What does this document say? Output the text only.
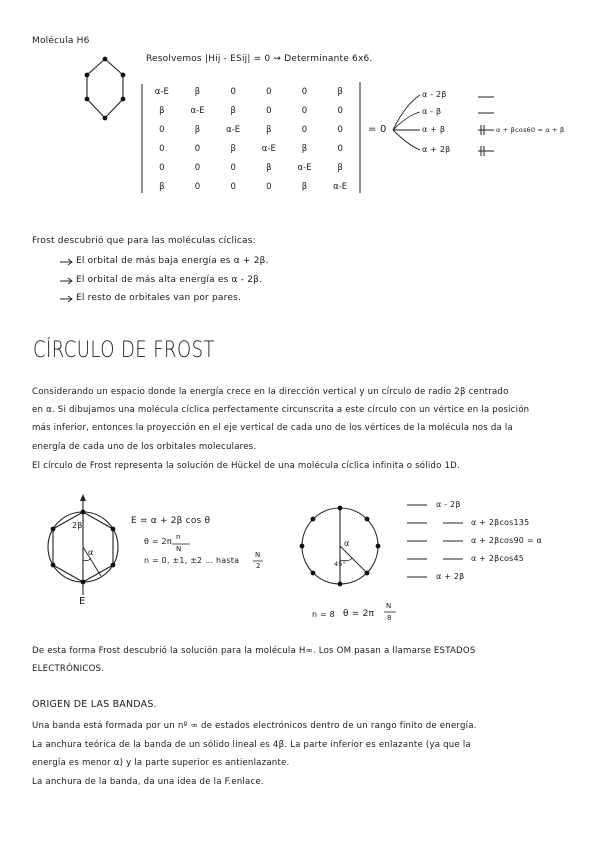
Molécula H6
Resolvemos |Hij - ESij| = 0 ⇝ Determinante 6x6.
α-E	β	0	0	0	β
β	α-E	β	0	0	0
0	β	α-E	β	0	0
0	0	β	α-E	β	0
0	0	0	β	α-E	β
β	0	0	0	β	α-E
= 0
α - 2β
α - β
α + β
α + 2β
α + βcos60 = α + β
Frost descubrió que para las moléculas cíclicas:
El orbital de más baja energía es α + 2β.
El orbital de más alta energía es α - 2β.
El resto de orbitales van por pares.
CÍRCULO DE FROST
Considerando un espacio donde la energía crece en la dirección vertical y un círculo de radio 2β centrado
en α. Si dibujamos una molécula cíclica perfectamente circunscrita a este círculo con un vértice en la posición
más inferior, entonces la proyección en el eje vertical de cada uno de los vértices de la molécula nos da la
energía de cada uno de los orbitales moleculares.
El círculo de Frost representa la solución de Hückel de una molécula cíclica infinita o sólido 1D.
2β
α
E
E = α + 2β cos θ
θ = 2π n
N
n = 0, ±1, ±2 ... hasta
N
2
α
45°
n = 8 θ = 2π
N
8
α - 2β
α + 2βcos135
α + 2βcos90 = α
α + 2βcos45
α + 2β
De esta forma Frost descubrió la solución para la molécula H∞. Los OM pasan a llamarse ESTADOS
ELECTRÓNICOS.
ORIGEN DE LAS BANDAS.
Una banda está formada por un nº ∞ de estados electrónicos dentro de un rango finito de energía.
La anchura teórica de la banda de un sólido lineal es 4β. La parte inferior es enlazante (ya que la
energía es menor α) y la parte superior es antienlazante.
La anchura de la banda, da una idea de la F.enlace.
